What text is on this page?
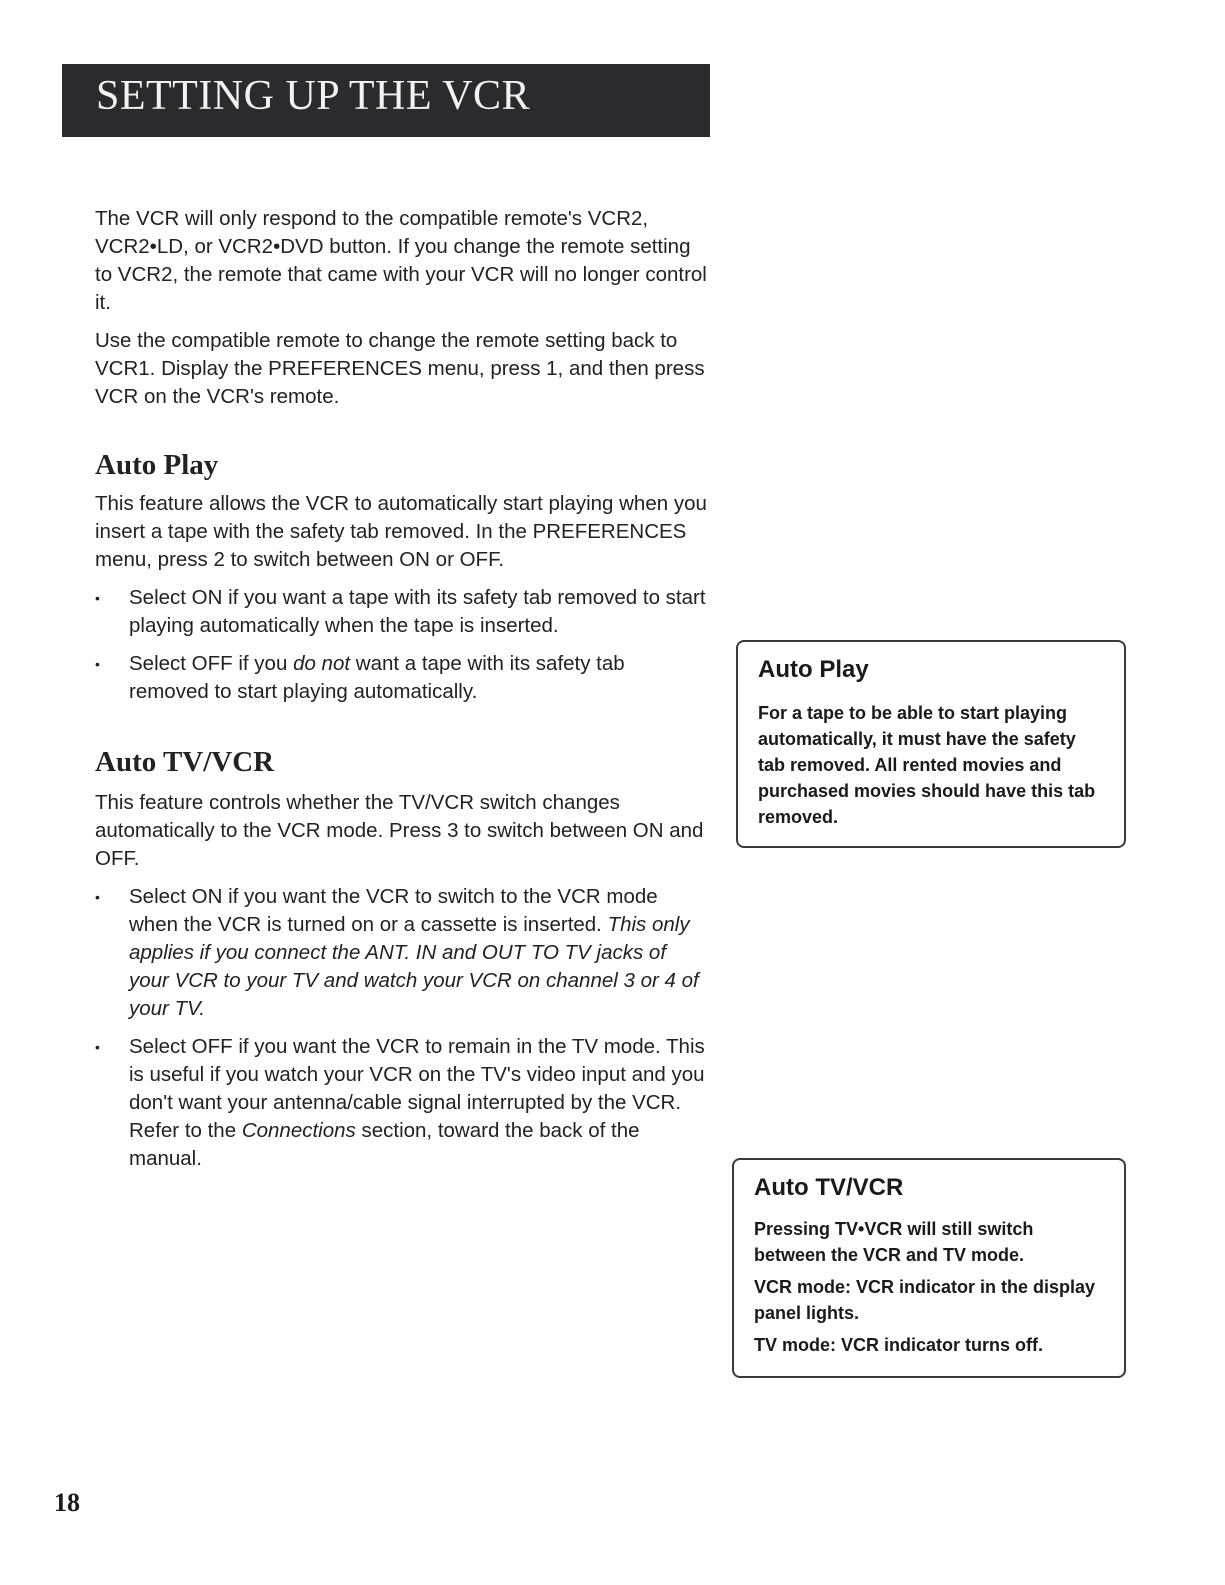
SETTING UP THE VCR

The VCR will only respond to the compatible remote's VCR2, VCR2•LD, or VCR2•DVD button. If you change the remote setting to VCR2, the remote that came with your VCR will no longer control it.

Use the compatible remote to change the remote setting back to VCR1. Display the PREFERENCES menu, press 1, and then press VCR on the VCR's remote.

Auto Play

This feature allows the VCR to automatically start playing when you insert a tape with the safety tab removed. In the PREFERENCES menu, press 2 to switch between ON or OFF.

• Select ON if you want a tape with its safety tab removed to start playing automatically when the tape is inserted.
• Select OFF if you do not want a tape with its safety tab removed to start playing automatically.
Auto TV/VCR

This feature controls whether the TV/VCR switch changes automatically to the VCR mode. Press 3 to switch between ON and OFF.

• Select ON if you want the VCR to switch to the VCR mode when the VCR is turned on or a cassette is inserted. This only applies if you connect the ANT. IN and OUT TO TV jacks of your VCR to your TV and watch your VCR on channel 3 or 4 of your TV.
• Select OFF if you want the VCR to remain in the TV mode. This is useful if you watch your VCR on the TV's video input and you don't want your antenna/cable signal interrupted by the VCR. Refer to the Connections section, toward the back of the manual.

Auto Play

For a tape to be able to start playing automatically, it must have the safety tab removed. All rented movies and purchased movies should have this tab removed.

Auto TV/VCR

Pressing TV•VCR will still switch between the VCR and TV mode.

VCR mode: VCR indicator in the display panel lights.

TV mode: VCR indicator turns off.

18
